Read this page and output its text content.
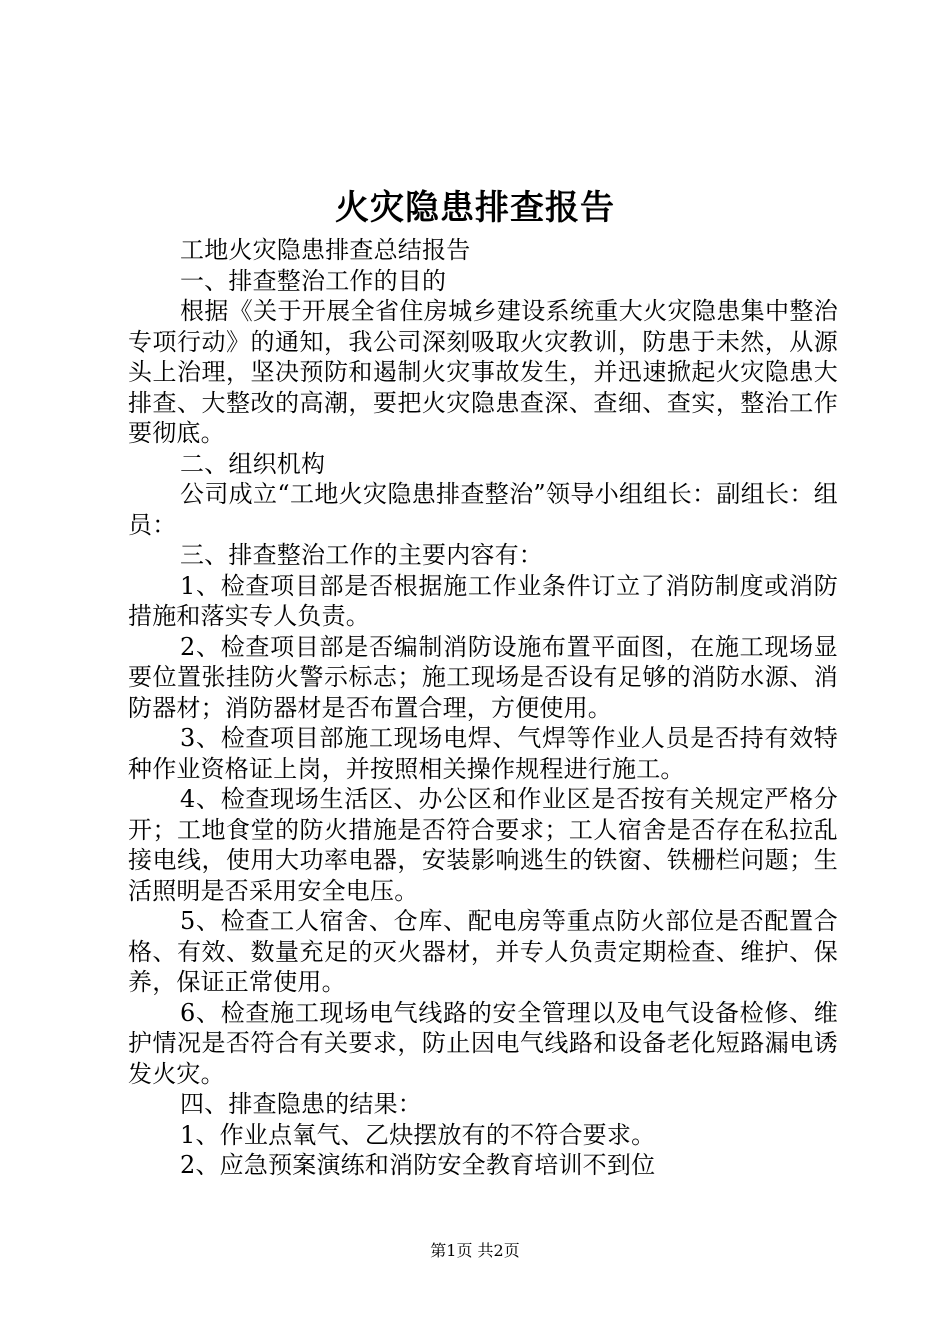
火灾隐患排查报告

工地火灾隐患排查总结报告

一、排查整治工作的目的

根据《关于开展全省住房城乡建设系统重大火灾隐患集中整治专项行动》的通知，我公司深刻吸取火灾教训，防患于未然，从源头上治理，坚决预防和遏制火灾事故发生，并迅速掀起火灾隐患大排查、大整改的高潮，要把火灾隐患查深、查细、查实，整治工作要彻底。

二、组织机构

公司成立“工地火灾隐患排查整治”领导小组组长：副组长：组员：

三、排查整治工作的主要内容有：

1、检查项目部是否根据施工作业条件订立了消防制度或消防措施和落实专人负责。

2、检查项目部是否编制消防设施布置平面图，在施工现场显要位置张挂防火警示标志；施工现场是否设有足够的消防水源、消防器材；消防器材是否布置合理，方便使用。

3、检查项目部施工现场电焊、气焊等作业人员是否持有效特种作业资格证上岗，并按照相关操作规程进行施工。

4、检查现场生活区、办公区和作业区是否按有关规定严格分开；工地食堂的防火措施是否符合要求；工人宿舍是否存在私拉乱接电线，使用大功率电器，安装影响逃生的铁窗、铁栅栏问题；生活照明是否采用安全电压。

5、检查工人宿舍、仓库、配电房等重点防火部位是否配置合格、有效、数量充足的灭火器材，并专人负责定期检查、维护、保养，保证正常使用。

6、检查施工现场电气线路的安全管理以及电气设备检修、维护情况是否符合有关要求，防止因电气线路和设备老化短路漏电诱发火灾。

四、排查隐患的结果：

1、作业点氧气、乙炔摆放有的不符合要求。

2、应急预案演练和消防安全教育培训不到位

第1页 共2页
